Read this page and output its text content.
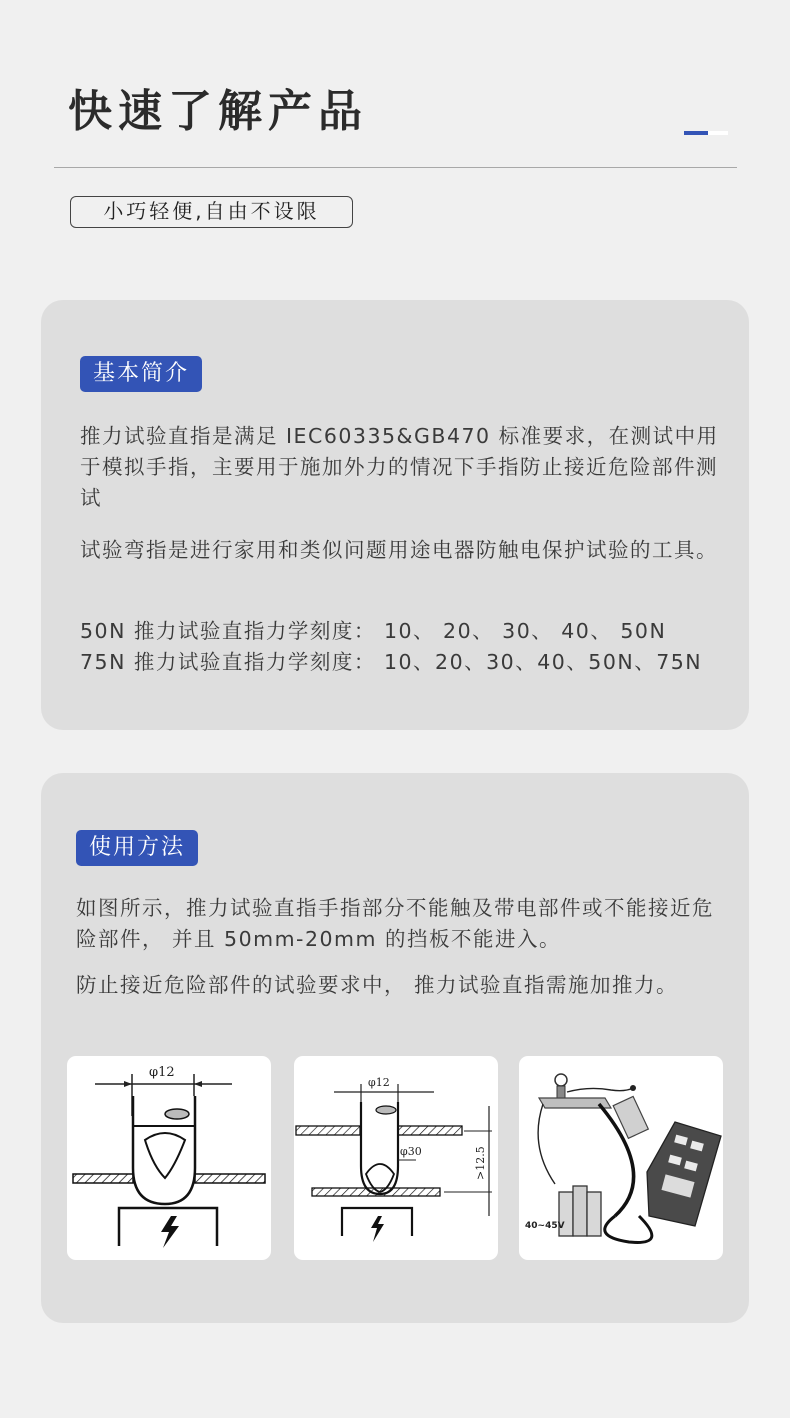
快速了解产品
小巧轻便,自由不设限
基本简介

推力试验直指是满足 IEC60335&GB470 标准要求，在测试中用于模拟手指，主要用于施加外力的情况下手指防止接近危险部件测试

试验弯指是进行家用和类似问题用途电器防触电保护试验的工具。

50N 推力试验直指力学刻度： 10、 20、 30、 40、 50N

75N 推力试验直指力学刻度： 10、20、30、40、50N、75N

使用方法

如图所示，推力试验直指手指部分不能触及带电部件或不能接近危险部件， 并且 50mm-20mm 的挡板不能进入。

防止接近危险部件的试验要求中， 推力试验直指需施加推力。

φ12
φ12
φ30	>12.5
40~45V
